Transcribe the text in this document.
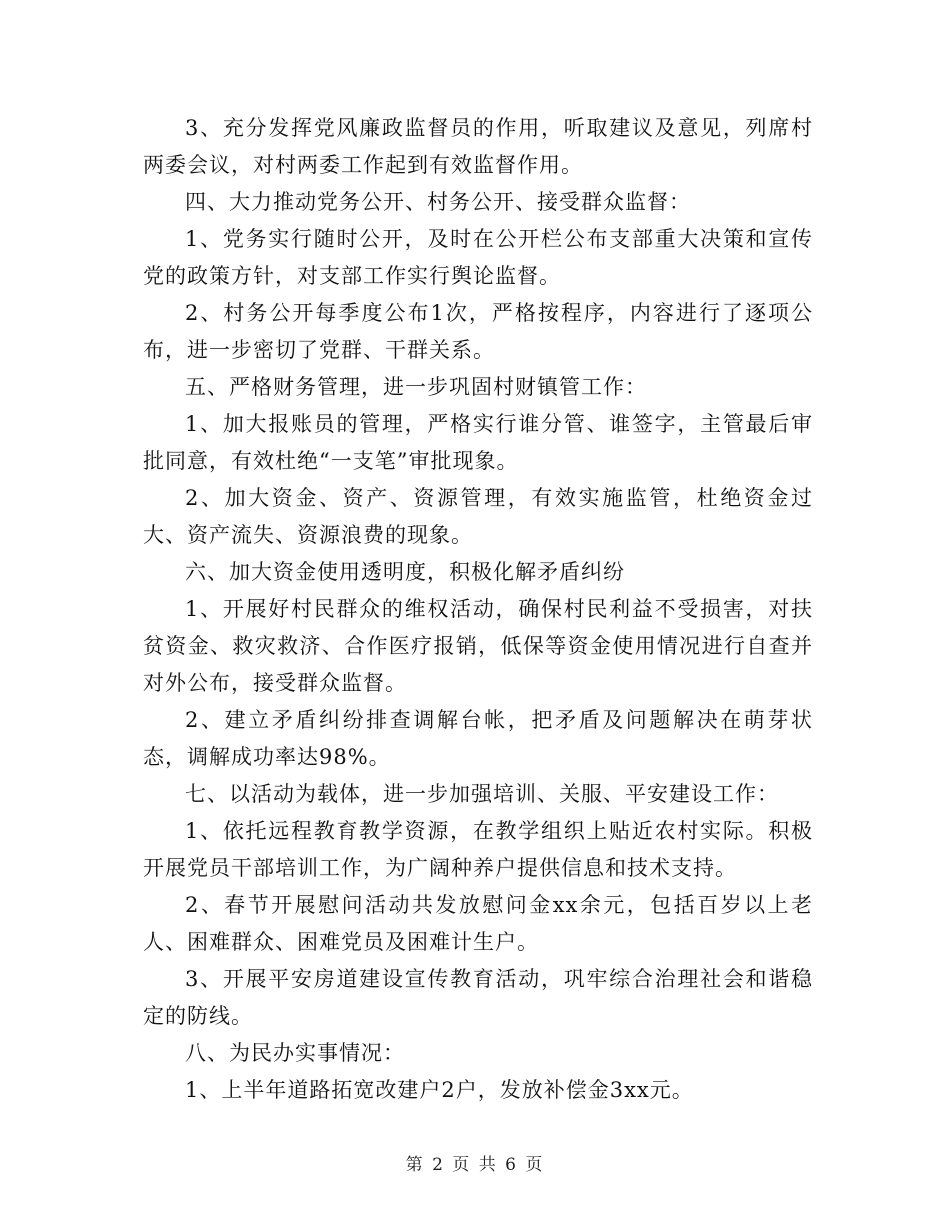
3、充分发挥党风廉政监督员的作用，听取建议及意见，列席村两委会议，对村两委工作起到有效监督作用。

四、大力推动党务公开、村务公开、接受群众监督：

1、党务实行随时公开，及时在公开栏公布支部重大决策和宣传党的政策方针，对支部工作实行舆论监督。

2、村务公开每季度公布1次，严格按程序，内容进行了逐项公布，进一步密切了党群、干群关系。

五、严格财务管理，进一步巩固村财镇管工作：

1、加大报账员的管理，严格实行谁分管、谁签字，主管最后审批同意，有效杜绝“一支笔”审批现象。

2、加大资金、资产、资源管理，有效实施监管，杜绝资金过大、资产流失、资源浪费的现象。

六、加大资金使用透明度，积极化解矛盾纠纷

1、开展好村民群众的维权活动，确保村民利益不受损害，对扶贫资金、救灾救济、合作医疗报销，低保等资金使用情况进行自查并对外公布，接受群众监督。

2、建立矛盾纠纷排查调解台帐，把矛盾及问题解决在萌芽状态，调解成功率达98%。

七、以活动为载体，进一步加强培训、关服、平安建设工作：

1、依托远程教育教学资源，在教学组织上贴近农村实际。积极开展党员干部培训工作，为广阔种养户提供信息和技术支持。

2、春节开展慰问活动共发放慰问金xx余元，包括百岁以上老人、困难群众、困难党员及困难计生户。

3、开展平安房道建设宣传教育活动，巩牢综合治理社会和谐稳定的防线。

八、为民办实事情况：

1、上半年道路拓宽改建户2户，发放补偿金3xx元。

第 2 页 共 6 页
